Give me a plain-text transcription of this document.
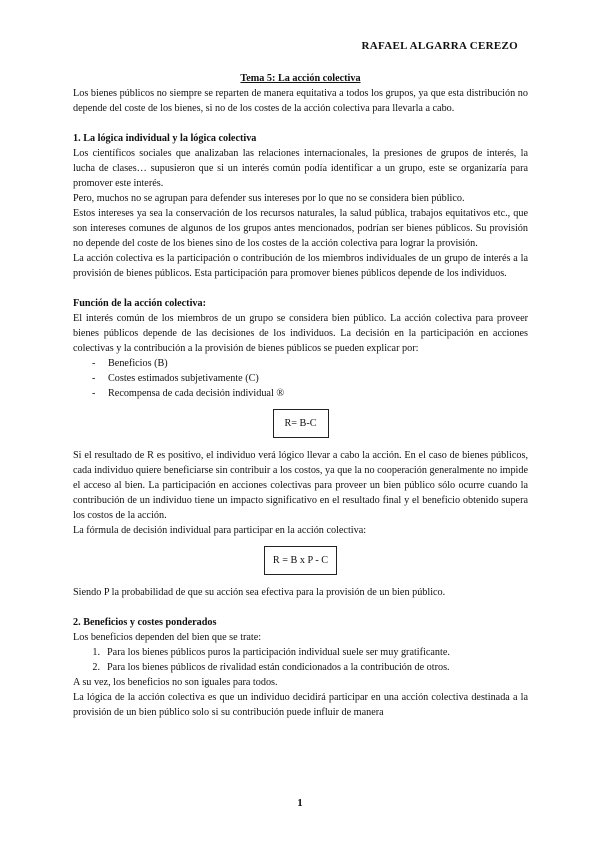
RAFAEL ALGARRA CEREZO

Tema 5: La acción colectiva

Los bienes públicos no siempre se reparten de manera equitativa a todos los grupos, ya que esta distribución no depende del coste de los bienes, si no de los costes de la acción colectiva para llevarla a cabo.

1. La lógica individual y la lógica colectiva

Los científicos sociales que analizaban las relaciones internacionales, la presiones de grupos de interés, la lucha de clases… supusieron que si un interés común podía identificar a un grupo, este se organizaría para promover este interés.

Pero, muchos no se agrupan para defender sus intereses por lo que no se considera bien público.

Estos intereses ya sea la conservación de los recursos naturales, la salud pública, trabajos equitativos etc., que son intereses comunes de algunos de los grupos antes mencionados, podrían ser bienes públicos. Su provisión no depende del coste de los bienes sino de los costes de la acción colectiva para lograr la provisión.

La acción colectiva es la participación o contribución de los miembros individuales de un grupo de interés a la provisión de bienes públicos. Esta participación para promover bienes públicos depende de los individuos.

Función de la acción colectiva:

El interés común de los miembros de un grupo se considera bien público. La acción colectiva para proveer bienes públicos depende de las decisiones de los individuos. La decisión en la participación en acciones colectivas y la contribución a la provisión de bienes públicos se pueden explicar por:

- Beneficios (B)
- Costes estimados subjetivamente (C)
- Recompensa de cada decisión individual ®
R= B-C

Si el resultado de R es positivo, el individuo verá lógico llevar a cabo la acción. En el caso de bienes públicos, cada individuo quiere beneficiarse sin contribuir a los costos, ya que la no cooperación generalmente no impide el acceso al bien. La participación en acciones colectivas para proveer un bien público sólo ocurre cuando la contribución de un individuo tiene un impacto significativo en el resultado final y el beneficio obtenido supera los costos de la acción.

La fórmula de decisión individual para participar en la acción colectiva:

R = B x P - C

Siendo P la probabilidad de que su acción sea efectiva para la provisión de un bien público.

2. Beneficios y costes ponderados

Los beneficios dependen del bien que se trate:

1. Para los bienes públicos puros la participación individual suele ser muy gratificante.
2. Para los bienes públicos de rivalidad están condicionados a la contribución de otros.

A su vez, los beneficios no son iguales para todos.

La lógica de la acción colectiva es que un individuo decidirá participar en una acción colectiva destinada a la provisión de un bien público solo si su contribución puede influir de manera

1
